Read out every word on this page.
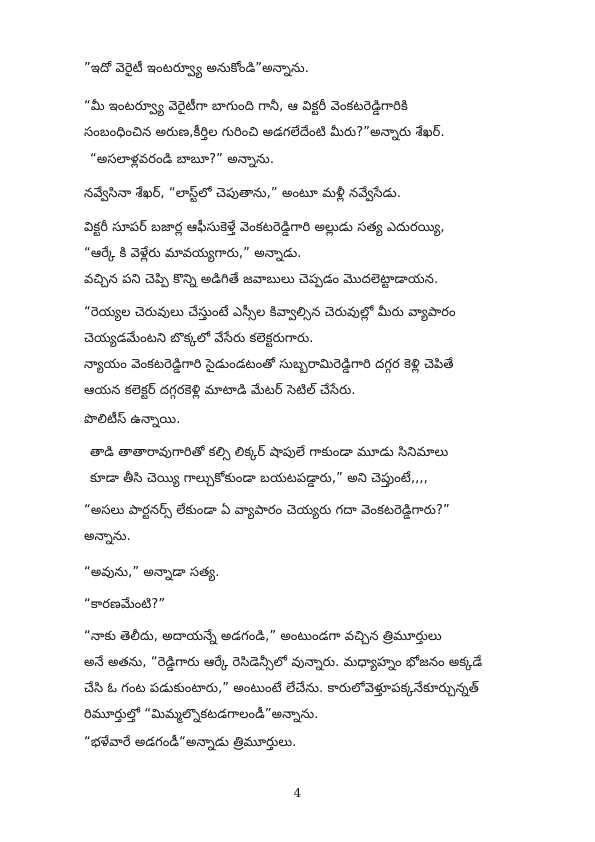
”ఇదో వెరైటీ ఇంటర్వ్యూ అనుకోండి”అన్నాను.

“మీ ఇంటర్వ్యూ వెరైటీగా బాగుంది గానీ, ఆ విక్టరీ వెంకటరెడ్డిగారికి
సంబంధించిన అరుణ,కీర్తిల గురించి అడగలేదేంటి మీరు?”అన్నారు శేఖర్.

“అసలాళ్లవరండి బాబూ?” అన్నాను.

నవ్వేసినా శేఖర్, “లాస్ట్‌లో చెపుతాను,” అంటూ మళ్లీ నవ్వేసేడు.

విక్టరీ సూపర్ బజార్ల ఆఫీసుకెళ్తే వెంకటరెడ్డిగారి అల్లుడు సత్య ఎదురయ్యి,
“ఆర్కే కి వెళ్లేరు మావయ్యగారు,” అన్నాడు.

వచ్చిన పని చెప్పి కొన్ని అడిగితే జవాబులు చెప్పడం మొదలెట్టాడాయన.

“రెయ్యల చెరువులు చేస్తుంటే ఎస్సీల కివ్వాల్సిన చెరువుల్లో మీరు వ్యాపారం
చెయ్యడమేంటని బొక్కలో వేసేరు కలెక్టరుగారు.

న్యాయం వెంకటరెడ్డిగారి సైడుండటంతో సుబ్బరామిరెడ్డిగారి దగ్గర కెళ్లి చెపితే
ఆయన కలెక్టర్ దగ్గరకెళ్లి మాటాడి మేటర్ సెటిల్ చేసేరు.

పొలిటీస్ ఉన్నాయి.

తాడి తాతారావుగారితో కల్సి లిక్కర్ షాపులే గాకుండా మూడు సినిమాలు
కూడా తీసి చెయ్యి గాల్చుకోకుండా బయటపడ్డారు,” అని చెప్తుంటే,,,,

“అసలు పార్టనర్స్ లేకుండా ఏ వ్యాపారం చెయ్యరు గదా వెంకటరెడ్డిగారు?”
అన్నాను.

“అవును,” అన్నాడా సత్య.

“కారణమేంటి?”

“నాకు తెలీదు, అదాయన్నే అడగండి,” అంటుండగా వచ్చిన త్రిమూర్తులు
అనే అతను, “రెడ్డిగారు ఆర్కే రెసిడెన్సీలో వున్నారు. మధ్యాహ్నం భోజనం అక్కడే
చేసి ఓ గంట పడుకుంటారు,” అంటుంటే లేచేను. కారులోవెళ్తూపక్కనేకూర్చున్నత్
రిమూర్తుల్తో “మిమ్మల్నొకటడగాలండీ”అన్నాను.

“భళేవారే అడగండీ“అన్నాడు త్రిమూర్తులు.

4
